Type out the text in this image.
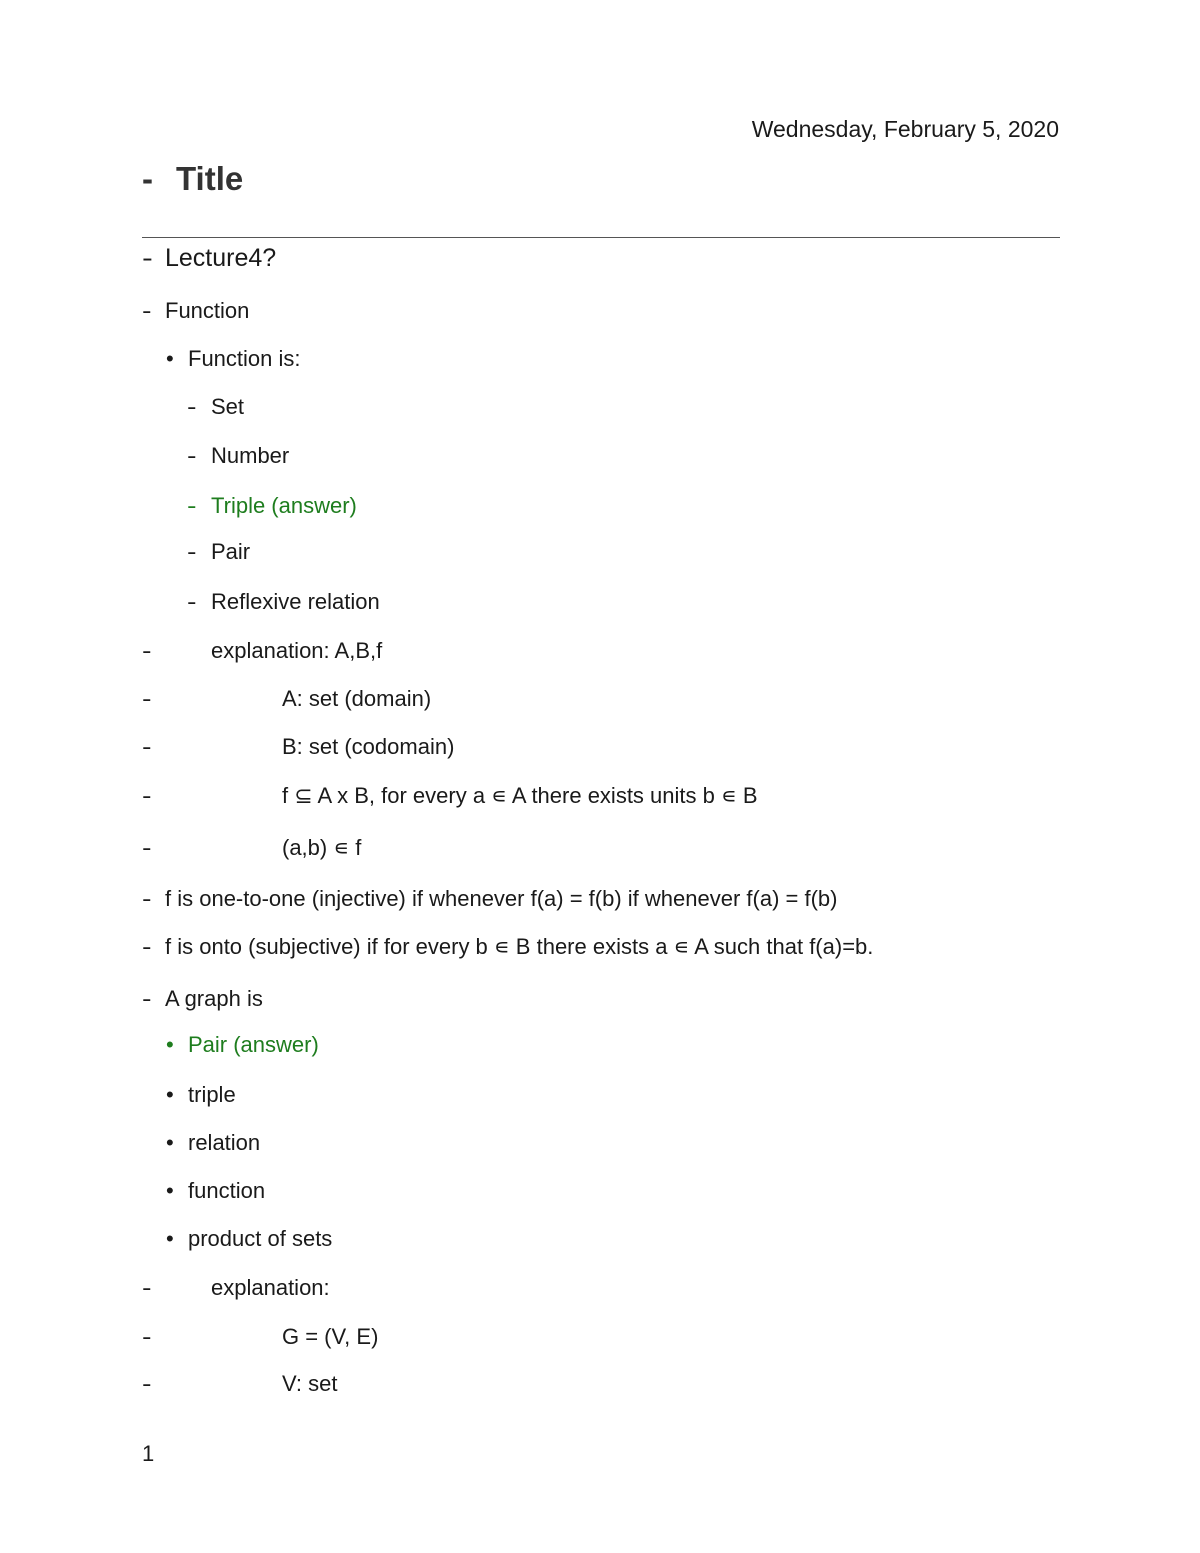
Wednesday, February 5, 2020
- Title
- Lecture4?
- Function
• Function is:
- Set
- Number
- Triple (answer)
- Pair
- Reflexive relation
-	explanation: A,B,f
-	A: set (domain)
-	B: set (codomain)
-	f ⊆ A x B, for every a ∊ A there exists units b ∊ B
-	(a,b) ∊ f
- f is one-to-one (injective) if whenever f(a) = f(b) if whenever f(a) = f(b)
- f is onto (subjective) if for every b ∊ B there exists a ∊ A such that f(a)=b.
- A graph is
• Pair (answer)
• triple
• relation
• function
• product of sets
-	explanation:
-	G = (V, E)
-	V: set
1
